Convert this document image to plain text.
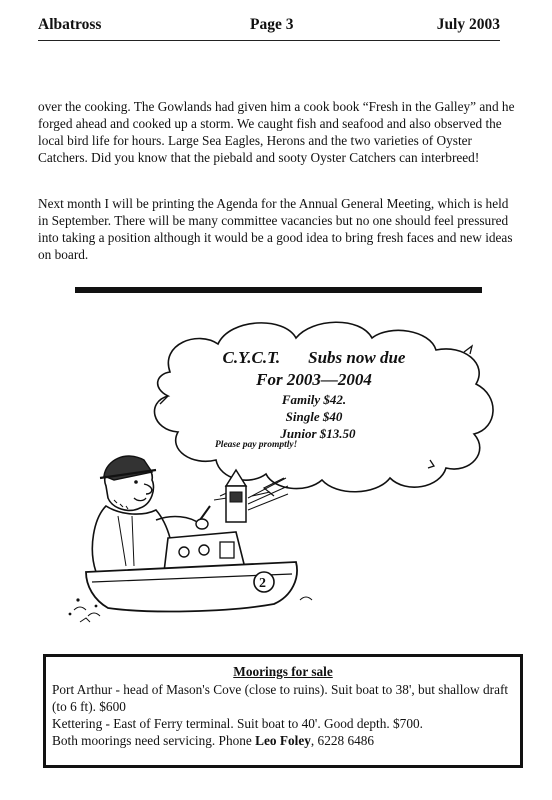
Albatross	Page 3	July 2003

over the cooking. The Gowlands had given him a cook book “Fresh in the Galley” and he forged ahead and cooked up a storm. We caught fish and seafood and also observed the local bird life for hours. Large Sea Eagles, Herons and the two varieties of Oyster Catchers. Did you know that the piebald and sooty Oyster Catchers can interbreed!

Next month I will be printing the Agenda for the Annual General Meeting, which is held in September. There will be many committee vacancies but no one should feel pressured into taking a position although it would be a good idea to bring fresh faces and new ideas on board.

2

C.Y.C.T. Subs now due

For 2003—2004

Family $42.

Single $40

Junior $13.50

Please pay promptly!

Moorings for sale

Port Arthur - head of Mason's Cove (close to ruins). Suit boat to 38', but shallow draft (to 6 ft). $600

Kettering - East of Ferry terminal. Suit boat to 40'. Good depth. $700.

Both moorings need servicing. Phone Leo Foley, 6228 6486
